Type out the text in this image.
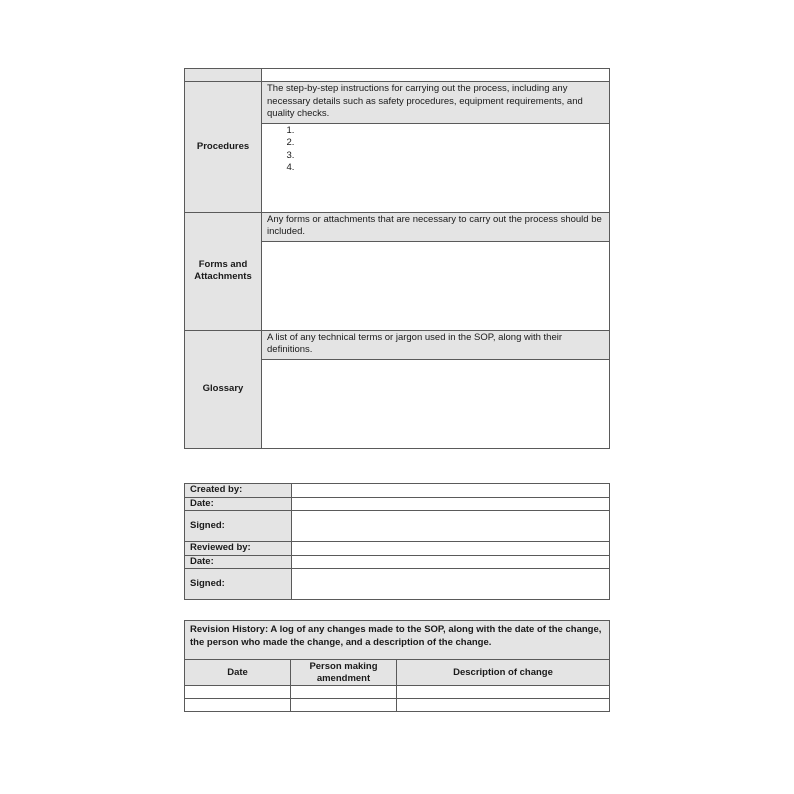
Procedures	The step-by-step instructions for carrying out the process, including any necessary details such as safety procedures, equipment requirements, and quality checks.

1.
2.
3.
4.

Forms and Attachments	Any forms or attachments that are necessary to carry out the process should be included.

Glossary	A list of any technical terms or jargon used in the SOP, along with their definitions.

Created by:	
Date:	
Signed:	
Reviewed by:	
Date:	
Signed:	
Revision History: A log of any changes made to the SOP, along with the date of the change, the person who made the change, and a description of the change.		
Date	Person making amendment	Description of change
